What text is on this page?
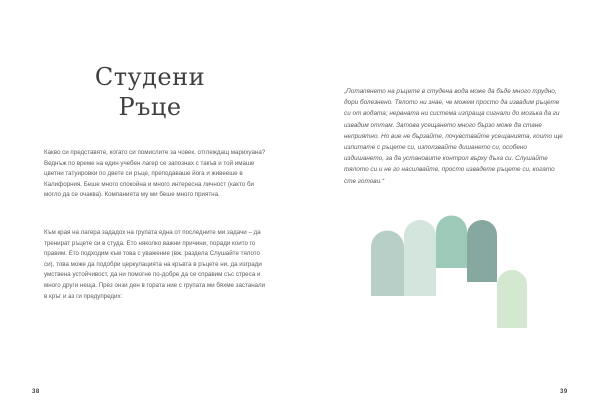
Студени
Ръце
Какво си представяте, когато си помислите за човек, отглеждащ марихуана? Веднъж по време на един учебен лагер се запознах с такъв и той имаше цветни татуировки по двете си ръце, преподаваше йога и живееше в Калифорния. Беше много спокойна и много интересна личност (както би могло да се очаква). Компанията му ми беше много приятна.
Към края на лагера зададох на групата една от последните ми задачи – да тренират ръцете си в студа. Ето няколко важни причини, поради които го правим. Ето подходим към това с уважение (вж. раздела Слушайте тялото си), това може да подобри церкулацията на кръвта в ръцете ни, да изгради умствена устойчивост, да ни помогне по-добре да се справим със стреса и много други неща. През онзи ден в гората ние с групата ми бяхме застанали в кръг и аз ги предупредих:
„Потапянето на ръцете в студена вода може да бъде много трудно, дори болезнено. Тялото ни знае, че можем просто да извадим ръцете си от водата; нервната ни система изпраща сигнали до мозъка да ги извадим оттам. Затова усещането много бързо може да стане неприятно. Но вие не бързайте, почувствайте усещанията, които ще изпитате с ръцете си, използвайте дишането си, особено издишането, за да установите контрол върху дъха си. Слушайте тялото си и не го насилвайте, просто извадете ръцете си, когато сте готови.“
38	39
